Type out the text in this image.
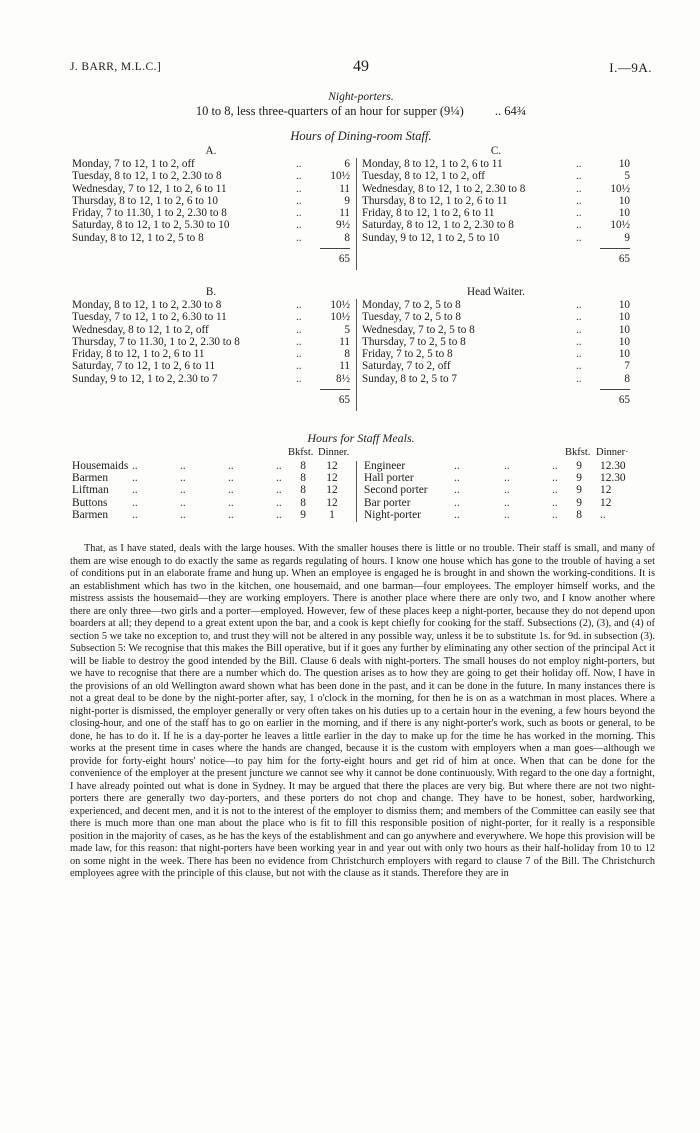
J. BARR, M.L.C.]	49	I.—9A.
Night-porters.
10 to 8, less three-quarters of an hour for supper (9¼) .. 64¾
Hours of Dining-room Staff.
A.
Monday, 7 to 12, 1 to 2, off	..	6
Tuesday, 8 to 12, 1 to 2, 2.30 to 8	..	10½
Wednesday, 7 to 12, 1 to 2, 6 to 11	..	11
Thursday, 8 to 12, 1 to 2, 6 to 10	..	9
Friday, 7 to 11.30, 1 to 2, 2.30 to 8	..	11
Saturday, 8 to 12, 1 to 2, 5.30 to 10	..	9½
Sunday, 8 to 12, 1 to 2, 5 to 8	..	8
65
C.
Monday, 8 to 12, 1 to 2, 6 to 11	..	10
Tuesday, 8 to 12, 1 to 2, off	..	5
Wednesday, 8 to 12, 1 to 2, 2.30 to 8	..	10½
Thursday, 8 to 12, 1 to 2, 6 to 11	..	10
Friday, 8 to 12, 1 to 2, 6 to 11	..	10
Saturday, 8 to 12, 1 to 2, 2.30 to 8	..	10½
Sunday, 9 to 12, 1 to 2, 5 to 10	..	9
65
B.
Monday, 8 to 12, 1 to 2, 2.30 to 8	..	10½
Tuesday, 7 to 12, 1 to 2, 6.30 to 11	..	10½
Wednesday, 8 to 12, 1 to 2, off	..	5
Thursday, 7 to 11.30, 1 to 2, 2.30 to 8	..	11
Friday, 8 to 12, 1 to 2, 6 to 11	..	8
Saturday, 7 to 12, 1 to 2, 6 to 11	..	11
Sunday, 9 to 12, 1 to 2, 2.30 to 7	..	8½
65
Head Waiter.
Monday, 7 to 2, 5 to 8	..	10
Tuesday, 7 to 2, 5 to 8	..	10
Wednesday, 7 to 2, 5 to 8	..	10
Thursday, 7 to 2, 5 to 8	..	10
Friday, 7 to 2, 5 to 8	..	10
Saturday, 7 to 2, off	..	7
Sunday, 8 to 2, 5 to 7	..	8
65
Hours for Staff Meals.
Bkfst. Dinner.	Bkfst. Dinner·
Housemaids ..	..	..	..	8	12
Barmen ..	..	..	..	8	12
Liftman ..	..	..	..	8	12
Buttons ..	..	..	..	8	12
Barmen ..	..	..	..	9	1
Engineer	..	..	..	9 12.30
Hall porter	..	..	..	9 12.30
Second porter ..	..	..	9 12
Bar porter	..	..	..	9 12
Night-porter	..	..	..	8 ..

That, as I have stated, deals with the large houses. With the smaller houses there is little or no trouble. Their staff is small, and many of them are wise enough to do exactly the same as regards regulating of hours. I know one house which has gone to the trouble of having a set of conditions put in an elaborate frame and hung up. When an employee is engaged he is brought in and shown the working-conditions. It is an establishment which has two in the kitchen, one housemaid, and one barman—four employees. The employer himself works, and the mistress assists the housemaid—they are working employers. There is another place where there are only two, and I know another where there are only three—two girls and a porter—employed. However, few of these places keep a night-porter, because they do not depend upon boarders at all; they depend to a great extent upon the bar, and a cook is kept chiefly for cooking for the staff. Subsections (2), (3), and (4) of section 5 we take no exception to, and trust they will not be altered in any possible way, unless it be to substitute 1s. for 9d. in subsection (3). Subsection 5: We recognise that this makes the Bill operative, but if it goes any further by eliminating any other section of the principal Act it will be liable to destroy the good intended by the Bill. Clause 6 deals with night-porters. The small houses do not employ night-porters, but we have to recognise that there are a number which do. The question arises as to how they are going to get their holiday off. Now, I have in the provisions of an old Wellington award shown what has been done in the past, and it can be done in the future. In many instances there is not a great deal to be done by the night-porter after, say, 1 o'clock in the morning, for then he is on as a watchman in most places. Where a night-porter is dismissed, the employer generally or very often takes on his duties up to a certain hour in the evening, a few hours beyond the closing-hour, and one of the staff has to go on earlier in the morning, and if there is any night-porter's work, such as boots or general, to be done, he has to do it. If he is a day-porter he leaves a little earlier in the day to make up for the time he has worked in the morning. This works at the present time in cases where the hands are changed, because it is the custom with employers when a man goes—although we provide for forty-eight hours' notice—to pay him for the forty-eight hours and get rid of him at once. When that can be done for the convenience of the employer at the present juncture we cannot see why it cannot be done continuously. With regard to the one day a fortnight, I have already pointed out what is done in Sydney. It may be argued that there the places are very big. But where there are not two night-porters there are generally two day-porters, and these porters do not chop and change. They have to be honest, sober, hardworking, experienced, and decent men, and it is not to the interest of the employer to dismiss them; and members of the Committee can easily see that there is much more than one man about the place who is fit to fill this responsible position of night-porter, for it really is a responsible position in the majority of cases, as he has the keys of the establishment and can go anywhere and everywhere. We hope this provision will be made law, for this reason: that night-porters have been working year in and year out with only two hours as their half-holiday from 10 to 12 on some night in the week. There has been no evidence from Christchurch employers with regard to clause 7 of the Bill. The Christchurch employees agree with the principle of this clause, but not with the clause as it stands. Therefore they are in
